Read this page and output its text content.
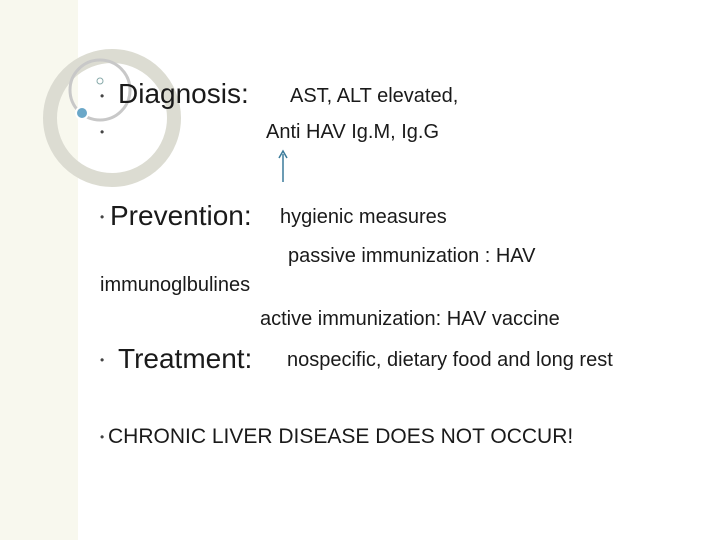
• Diagnosis: AST, ALT elevated,
•	Anti HAV Ig.M, Ig.G
• Prevention: hygienic measures
passive immunization : HAV
immunoglbulines
active immunization: HAV vaccine
• Treatment: nospecific, dietary food and long rest
• CHRONIC LIVER DISEASE DOES NOT OCCUR!
